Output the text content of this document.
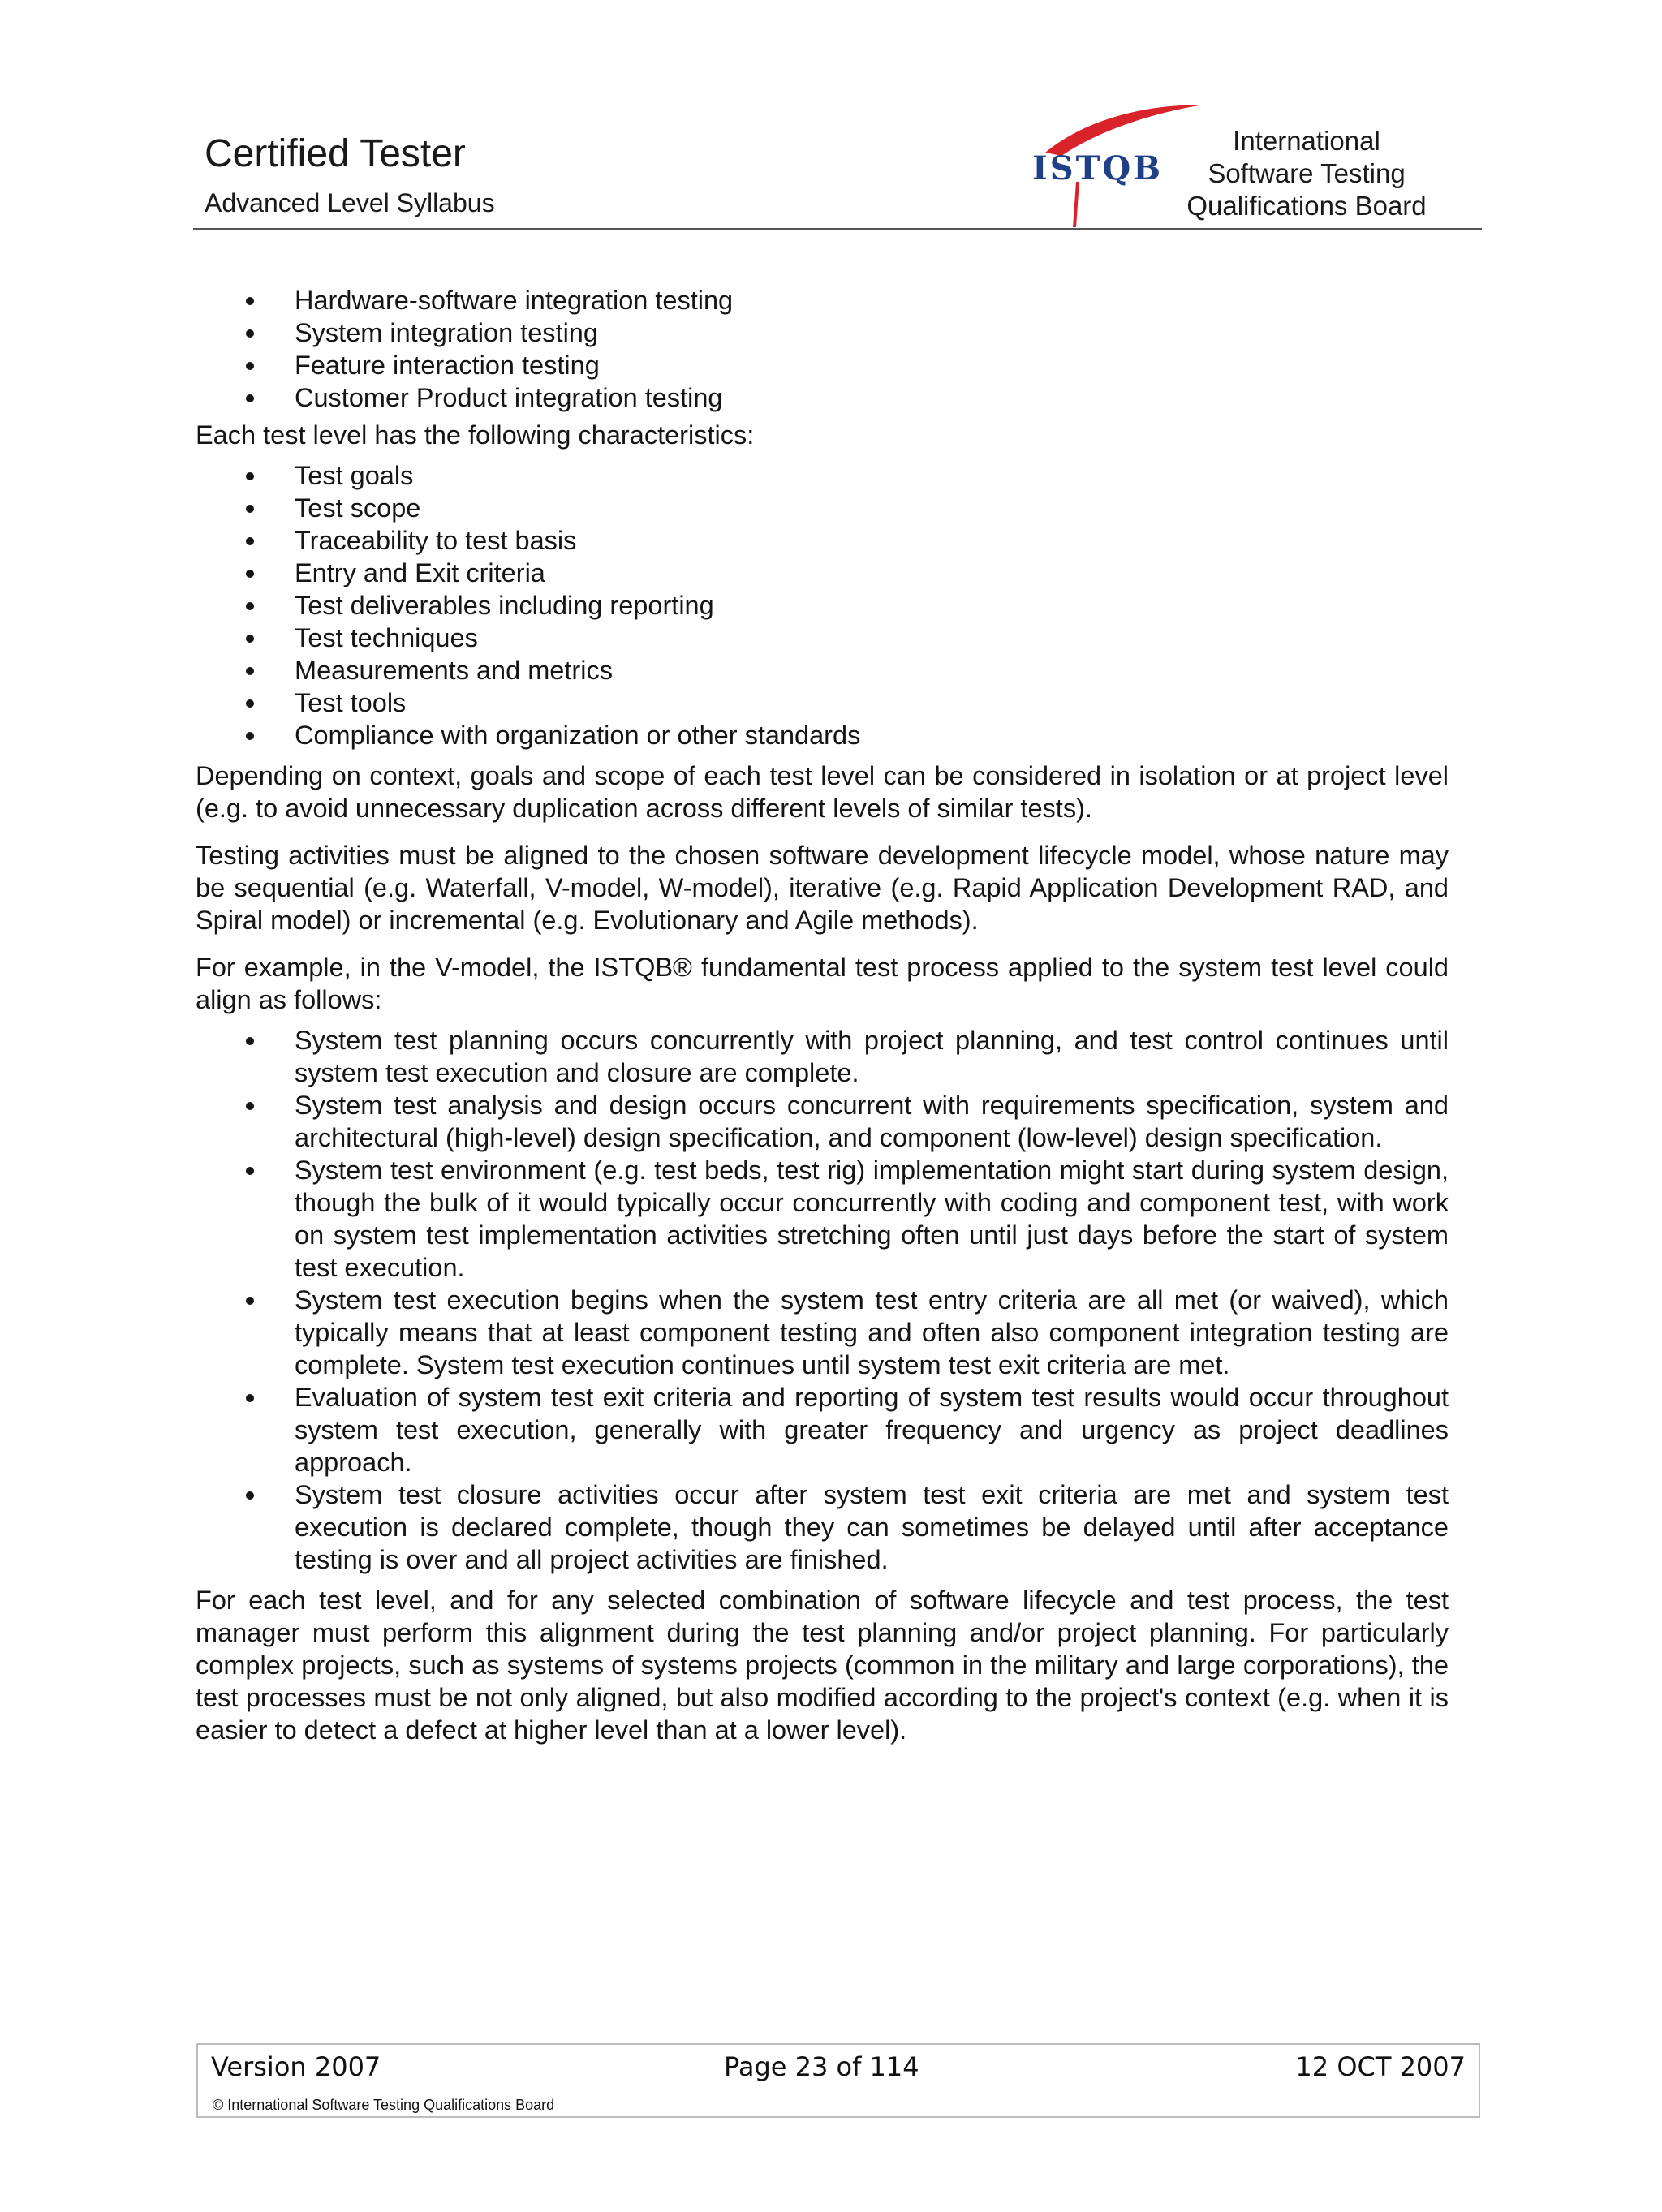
Certified Tester
Advanced Level Syllabus
ISTQB
International
Software Testing
Qualifications Board
Hardware-software integration testing
System integration testing
Feature interaction testing
Customer Product integration testing

Each test level has the following characteristics:

Test goals
Test scope
Traceability to test basis
Entry and Exit criteria
Test deliverables including reporting
Test techniques
Measurements and metrics
Test tools
Compliance with organization or other standards

Depending on context, goals and scope of each test level can be considered in isolation or at project level (e.g. to avoid unnecessary duplication across different levels of similar tests).

Testing activities must be aligned to the chosen software development lifecycle model, whose nature may be sequential (e.g. Waterfall, V-model, W-model), iterative (e.g. Rapid Application Development RAD, and Spiral model) or incremental (e.g. Evolutionary and Agile methods).

For example, in the V-model, the ISTQB® fundamental test process applied to the system test level could align as follows:

System test planning occurs concurrently with project planning, and test control continues until system test execution and closure are complete.
System test analysis and design occurs concurrent with requirements specification, system and architectural (high-level) design specification, and component (low-level) design specification.
System test environment (e.g. test beds, test rig) implementation might start during system design, though the bulk of it would typically occur concurrently with coding and component test, with work on system test implementation activities stretching often until just days before the start of system test execution.
System test execution begins when the system test entry criteria are all met (or waived), which typically means that at least component testing and often also component integration testing are complete. System test execution continues until system test exit criteria are met.
Evaluation of system test exit criteria and reporting of system test results would occur throughout system test execution, generally with greater frequency and urgency as project deadlines approach.
System test closure activities occur after system test exit criteria are met and system test execution is declared complete, though they can sometimes be delayed until after acceptance testing is over and all project activities are finished.

For each test level, and for any selected combination of software lifecycle and test process, the test manager must perform this alignment during the test planning and/or project planning. For particularly complex projects, such as systems of systems projects (common in the military and large corporations), the test processes must be not only aligned, but also modified according to the project's context (e.g. when it is easier to detect a defect at higher level than at a lower level).

Version 2007	Page 23 of 114	12 OCT 2007
© International Software Testing Qualifications Board
